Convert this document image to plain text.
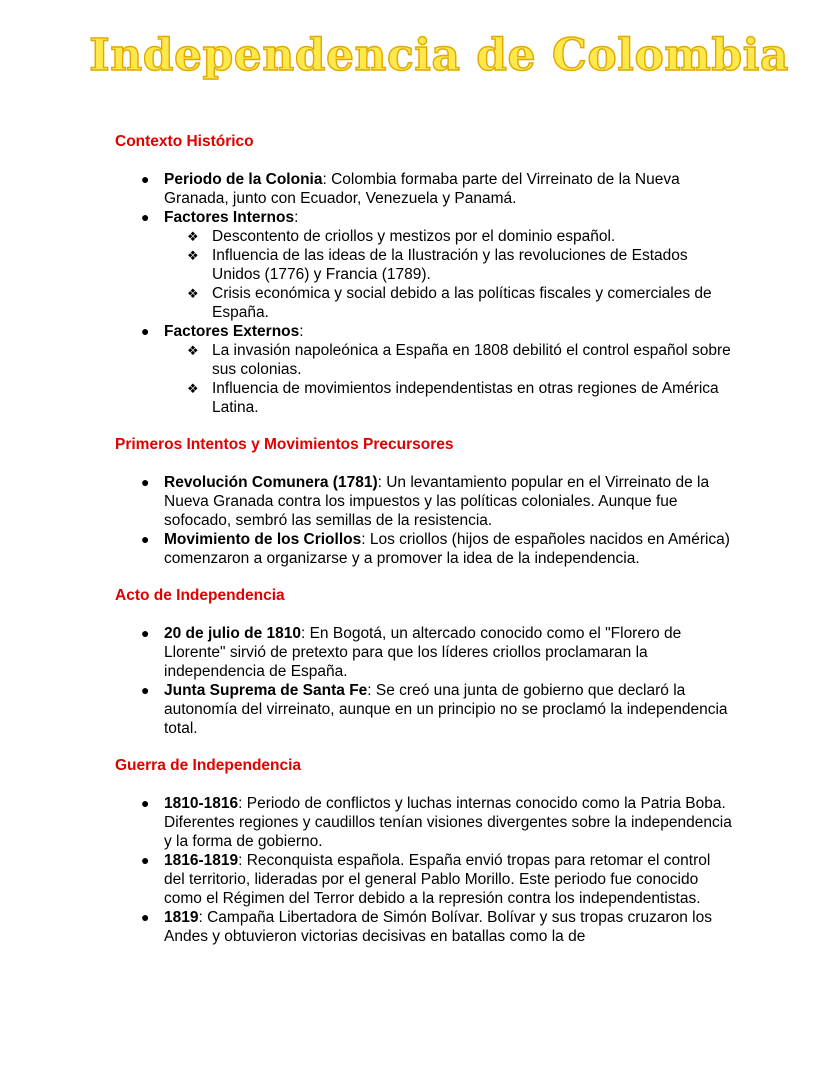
Independencia de Colombia
Contexto Histórico
● Periodo de la Colonia: Colombia formaba parte del Virreinato de la Nueva Granada, junto con Ecuador, Venezuela y Panamá.
● Factores Internos:
❖ Descontento de criollos y mestizos por el dominio español.
❖ Influencia de las ideas de la Ilustración y las revoluciones de Estados Unidos (1776) y Francia (1789).
❖ Crisis económica y social debido a las políticas fiscales y comerciales de España.
● Factores Externos:
❖ La invasión napoleónica a España en 1808 debilitó el control español sobre sus colonias.
❖ Influencia de movimientos independentistas en otras regiones de América Latina.
Primeros Intentos y Movimientos Precursores
● Revolución Comunera (1781): Un levantamiento popular en el Virreinato de la Nueva Granada contra los impuestos y las políticas coloniales. Aunque fue sofocado, sembró las semillas de la resistencia.
● Movimiento de los Criollos: Los criollos (hijos de españoles nacidos en América) comenzaron a organizarse y a promover la idea de la independencia.
Acto de Independencia
● 20 de julio de 1810: En Bogotá, un altercado conocido como el "Florero de Llorente" sirvió de pretexto para que los líderes criollos proclamaran la independencia de España.
● Junta Suprema de Santa Fe: Se creó una junta de gobierno que declaró la autonomía del virreinato, aunque en un principio no se proclamó la independencia total.
Guerra de Independencia
● 1810-1816: Periodo de conflictos y luchas internas conocido como la Patria Boba. Diferentes regiones y caudillos tenían visiones divergentes sobre la independencia y la forma de gobierno.
● 1816-1819: Reconquista española. España envió tropas para retomar el control del territorio, lideradas por el general Pablo Morillo. Este periodo fue conocido como el Régimen del Terror debido a la represión contra los independentistas.
● 1819: Campaña Libertadora de Simón Bolívar. Bolívar y sus tropas cruzaron los Andes y obtuvieron victorias decisivas en batallas como la de
